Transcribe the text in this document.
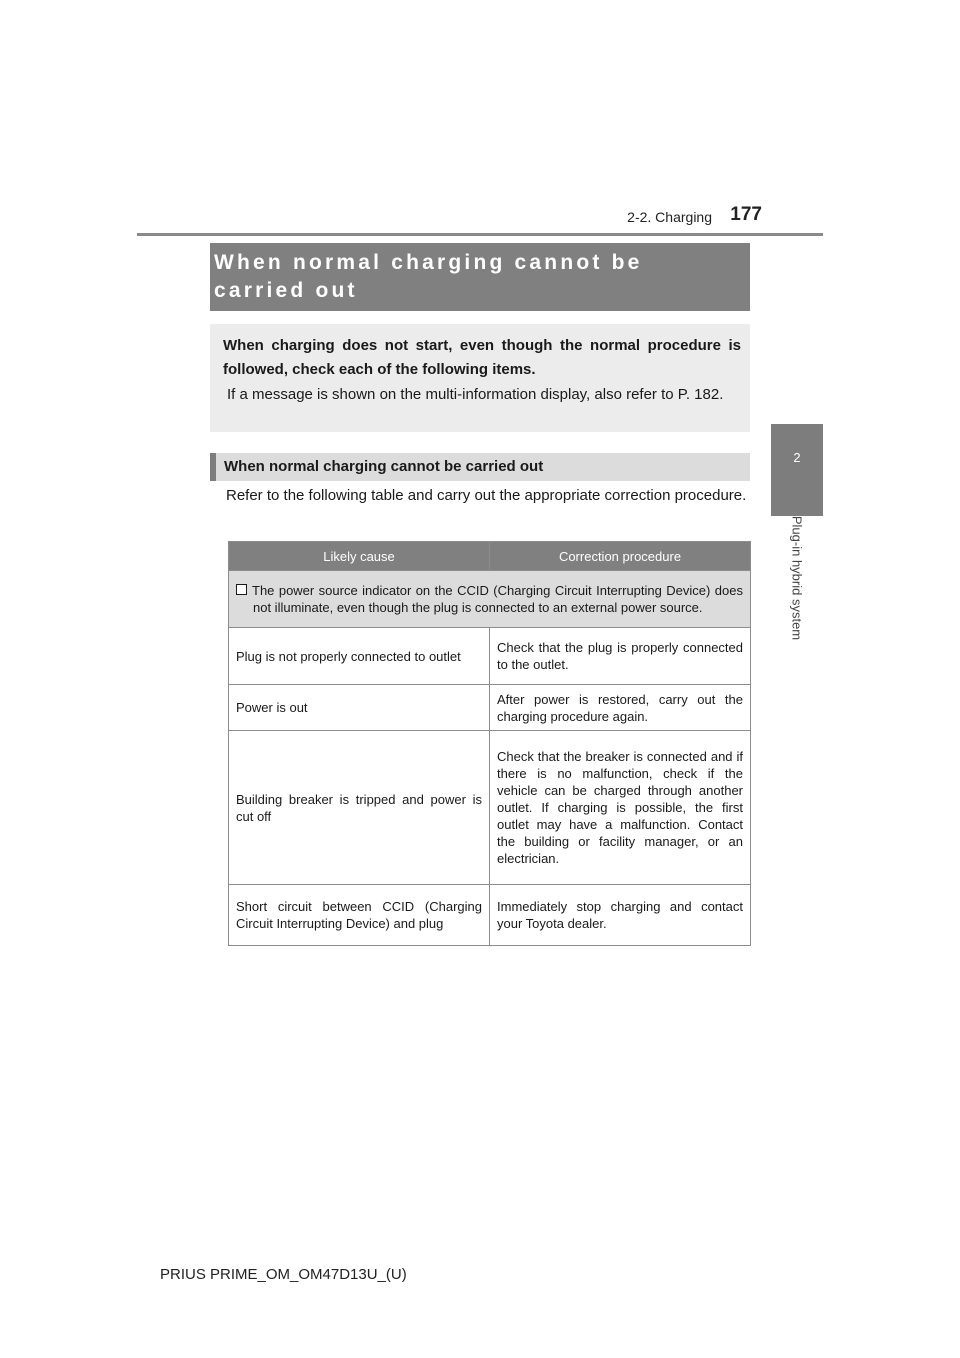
2-2. Charging 177
2
Plug-in hybrid system
When normal charging cannot be carried out
When charging does not start, even though the normal procedure is followed, check each of the following items.
If a message is shown on the multi-information display, also refer to P. 182.
When normal charging cannot be carried out
Refer to the following table and carry out the appropriate correction procedure.
Likely cause	Correction procedure

The power source indicator on the CCID (Charging Circuit Interrupting Device) does not illuminate, even though the plug is connected to an external power source.	

Plug is not properly connected to outlet	Check that the plug is properly connected to the outlet.
Power is out	After power is restored, carry out the charging procedure again.
Building breaker is tripped and power is cut off	Check that the breaker is connected and if there is no malfunction, check if the vehicle can be charged through another outlet. If charging is possible, the first outlet may have a malfunction. Contact the building or facility manager, or an electrician.
Short circuit between CCID (Charging Circuit Interrupting Device) and plug	Immediately stop charging and contact your Toyota dealer.
PRIUS PRIME_OM_OM47D13U_(U)
